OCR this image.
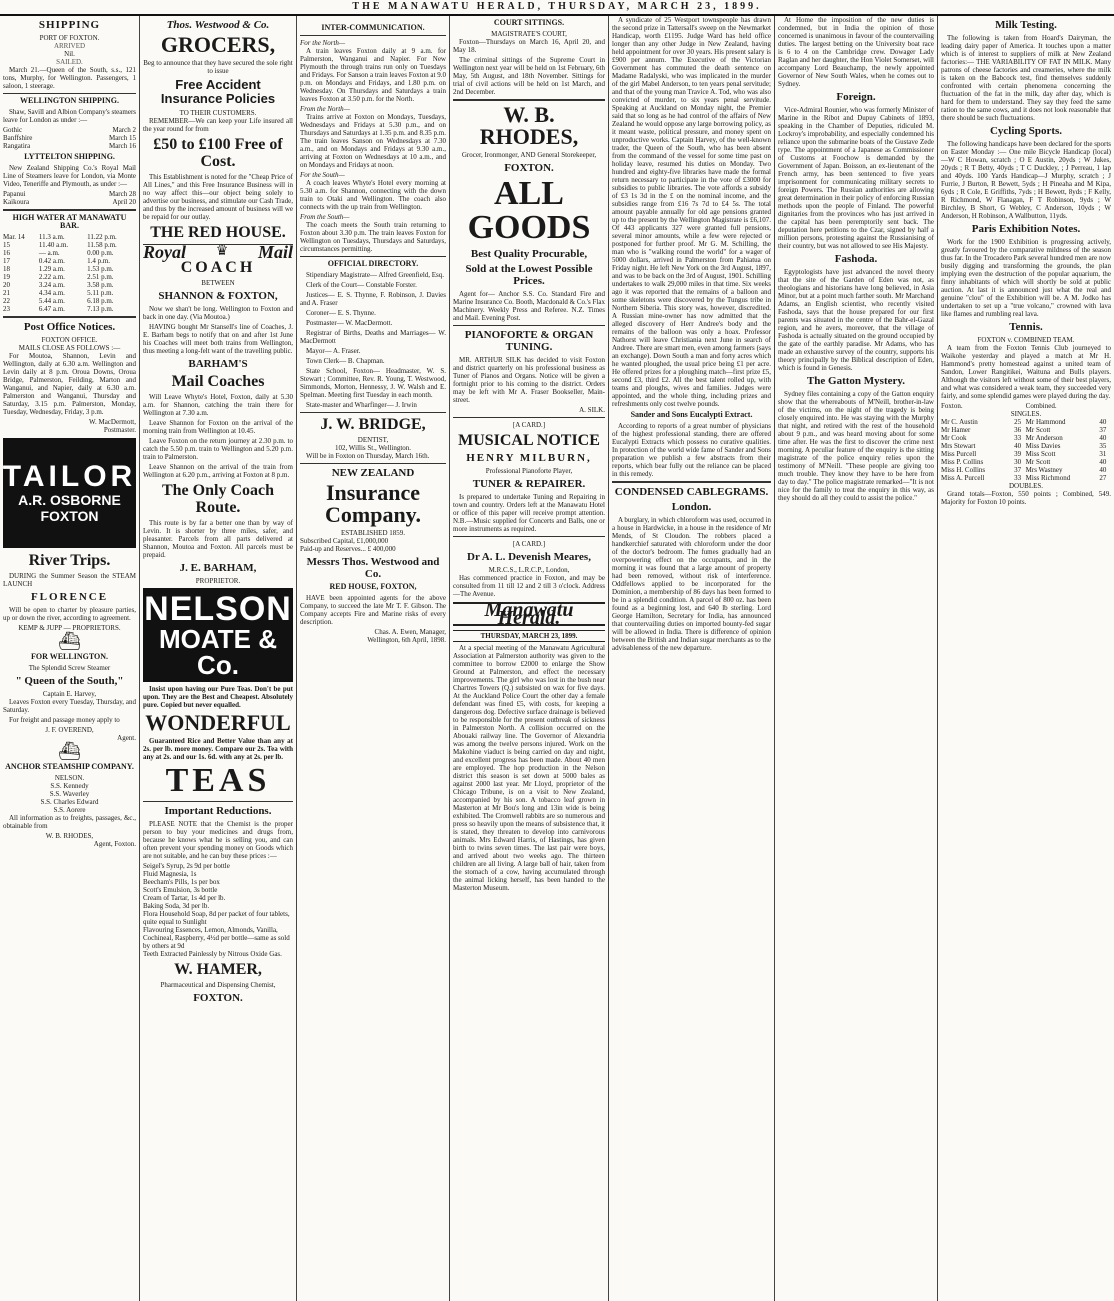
THE MANAWATU HERALD, THURSDAY, MARCH 23, 1899.
SHIPPING
PORT OF FOXTON.
ARRIVED
Nil.
SAILED.
March 21.—Queen of the South, s.s., 121 tons, Murphy, for Wellington. Passengers, 1 saloon, 1 steerage.
WELLINGTON SHIPPING.
Shaw, Savill and Albion Company's steamers leave for London as under :—
Gothic	March 2
Banffshire	March 15
Rangatira	March 16
LYTTELTON SHIPPING.
New Zealand Shipping Co.'s Royal Mail Line of Steamers leave for London, via Monte Video, Teneriffe and Plymouth, as under :—
Papanui	March 28
Kaikoura	April 20
HIGH WATER AT MANAWATU BAR.
Mar. 14	11.3 a.m.	11.22 p.m.
15	11.40 a.m.	11.58 p.m.
16	— a.m.	0.00 p.m.
17	0.42 a.m.	1.4 p.m.
18	1.29 a.m.	1.53 p.m.
19	2.22 a.m.	2.51 p.m.
20	3.24 a.m.	3.58 p.m.
21	4.34 a.m.	5.11 p.m.
22	5.44 a.m.	6.18 p.m.
23	6.47 a.m.	7.13 p.m.
Post Office Notices.
FOXTON OFFICE.
MAILS CLOSE AS FOLLOWS :—
For Moutoa, Shannon, Levin and Wellington, daily at 6.30 a.m. Wellington and Levin daily at 8 p.m. Oroua Downs, Oroua Bridge, Palmerston, Feilding, Marton and Wanganui, and Napier, daily at 6.30 a.m. Palmerston and Wanganui, Thursday and Saturday, 3.15 p.m. Palmerston, Monday, Tuesday, Wednesday, Friday, 3 p.m.
W. MacDermott,
Postmaster.
TAILOR
A.R. OSBORNE
FOXTON
River Trips.
DURING the Summer Season the STEAM LAUNCH
FLORENCE
Will be open to charter by pleasure parties, up or down the river, according to agreement.
KEMP & JUPP — PROPRIETORS.
⛴
FOR WELLINGTON.
The Splendid Screw Steamer
" Queen of the South,"
Captain E. Harvey,
Leaves Foxton every Tuesday, Thursday, and Saturday.
For freight and passage money apply to
J. F. OVEREND,
Agent.
⛴
ANCHOR STEAMSHIP COMPANY.
NELSON.
S.S. Kennedy
S.S. Waverley
S.S. Charles Edward
S.S. Aorere
All information as to freights, passages, &c., obtainable from
W. B. RHODES,
Agent, Foxton.
Thos. Westwood & Co.
GROCERS,
Beg to announce that they have secured the sole right to issue
Free Accident Insurance Policies
TO THEIR CUSTOMERS.
REMEMBER—We can keep your Life insured all the year round for from
£50 to £100 Free of Cost.
This Establishment is noted for the "Cheap Price of All Lines," and this Free Insurance Business will in no way affect this—our object being solely to advertise our business, and stimulate our Cash Trade, and thus by the increased amount of business will we be repaid for our outlay.
THE RED HOUSE.
Royal ♛ Mail
COACH
BETWEEN
SHANNON & FOXTON,
Now we shan't be long. Wellington to Foxton and back in one day. (Via Moutoa.)
HAVING bought Mr Stansell's line of Coaches, J. E. Barham begs to notify that on and after 1st June his Coaches will meet both trains from Wellington, thus meeting a long-felt want of the travelling public.
BARHAM'S
Mail Coaches
Will Leave Whyte's Hotel, Foxton, daily at 5.30 a.m. for Shannon, catching the train there for Wellington at 7.30 a.m.
Leave Shannon for Foxton on the arrival of the morning train from Wellington at 10.45.
Leave Foxton on the return journey at 2.30 p.m. to catch the 5.50 p.m. train to Wellington and 5.20 p.m. train to Palmerston.
Leave Shannon on the arrival of the train from Wellington at 6.20 p.m., arriving at Foxton at 8 p.m.
The Only Coach Route.
This route is by far a better one than by way of Levin. It is shorter by three miles, safer, and pleasanter. Parcels from all parts delivered at Shannon, Moutoa and Foxton. All parcels must be prepaid.
J. E. BARHAM,
PROPRIETOR.
NELSON
MOATE & Co.
Insist upon having our Pure Teas. Don't be put upon. They are the Best and Cheapest. Absolutely pure. Copied but never equalled.
WONDERFUL
Guaranteed Rice and Better Value than any at 2s. per lb. more money. Compare our 2s. Tea with any at 2s. and our 1s. 6d. with any at 2s. per lb.
TEAS
Important Reductions.
PLEASE NOTE that the Chemist is the proper person to buy your medicines and drugs from, because he knows what he is selling you, and can often prevent your spending money on Goods which are not suitable, and he can buy these prices :—
Seigel's Syrup, 2s 9d per bottle
Fluid Magnesia, 1s
Beecham's Pills, 1s per box
Scott's Emulsion, 3s bottle
Cream of Tartar, 1s 4d per lb.
Baking Soda, 3d per lb.
Flora Household Soap, 8d per packet of four tablets, quite equal to Sunlight
Flavouring Essences, Lemon, Almonds, Vanilla, Cochineal, Raspberry, 4½d per bottle—same as sold by others at 9d
Teeth Extracted Painlessly by Nitrous Oxide Gas.
W. HAMER,
Pharmaceutical and Dispensing Chemist,
FOXTON.
INTER-COMMUNICATION.
For the North—
A train leaves Foxton daily at 9 a.m. for Palmerston, Wanganui and Napier. For New Plymouth the through trains run only on Tuesdays and Fridays. For Sanson a train leaves Foxton at 9.0 p.m. on Mondays and Fridays, and 1.80 p.m. on Wednesday. On Thursdays and Saturdays a train leaves Foxton at 3.50 p.m. for the North.
From the North—
Trains arrive at Foxton on Mondays, Tuesdays, Wednesdays and Fridays at 5.30 p.m., and on Thursdays and Saturdays at 1.35 p.m. and 8.35 p.m. The train leaves Sanson on Wednesdays at 7.30 a.m., and on Mondays and Fridays at 9.30 a.m., arriving at Foxton on Wednesdays at 10 a.m., and on Mondays and Fridays at noon.
For the South—
A coach leaves Whyte's Hotel every morning at 5.30 a.m. for Shannon, connecting with the down train to Otaki and Wellington. The coach also connects with the up train from Wellington.
From the South—
The coach meets the South train returning to Foxton about 3.30 p.m. The train leaves Foxton for Wellington on Tuesdays, Thursdays and Saturdays, circumstances permitting.
OFFICIAL DIRECTORY.
Stipendiary Magistrate— Alfred Greenfield, Esq.
Clerk of the Court— Constable Forster.
Justices— E. S. Thynne, F. Robinson, J. Davies and A. Fraser
Coroner— E. S. Thynne.
Postmaster— W. MacDermott.
Registrar of Births, Deaths and Marriages— W. MacDermott
Mayor— A. Fraser.
Town Clerk— B. Chapman.
State School, Foxton— Headmaster, W. S. Stewart ; Committee, Rev. R. Young, T. Westwood, Simmonds, Morton, Hennessy, J. W. Walsh and E. Spelman. Meeting first Tuesday in each month.
State-master and Wharfinger— J. Irwin
J. W. BRIDGE,
DENTIST,
102, Willis St., Wellington.
Will be in Foxton on Thursday, March 16th.
NEW ZEALAND
Insurance Company.
ESTABLISHED 1859.
Subscribed Capital, £1,000,000
Paid-up and Reserves... £ 400,000
Messrs Thos. Westwood and Co.
RED HOUSE, FOXTON,
HAVE been appointed agents for the above Company, to succeed the late Mr T. F. Gibson. The Company accepts Fire and Marine risks of every description.
Chas. A. Ewen, Manager,
Wellington, 6th April, 1898.
COURT SITTINGS.
MAGISTRATE'S COURT,
Foxton—Thursdays on March 16, April 20, and May 18.
The criminal sittings of the Supreme Court in Wellington next year will be held on 1st February, 6th May, 5th August, and 18th November. Sittings for trial of civil actions will be held on 1st March, and 2nd December.
W. B. RHODES,
Grocer, Ironmonger, AND General Storekeeper,
FOXTON.
ALL GOODS
Best Quality Procurable,
Sold at the Lowest Possible Prices.
Agent for— Anchor S.S. Co. Standard Fire and Marine Insurance Co. Booth, Macdonald & Co.'s Flax Machinery. Weekly Press and Referee. N.Z. Times and Mail. Evening Post.
PIANOFORTE & ORGAN TUNING.
MR. ARTHUR SILK has decided to visit Foxton and district quarterly on his professional business as Tuner of Pianos and Organs. Notice will be given a fortnight prior to his coming to the district. Orders may be left with Mr A. Fraser Bookseller, Main-street.
A. SILK.
[A CARD.]
MUSICAL NOTICE
HENRY MILBURN,
Professional Pianoforte Player,
TUNER & REPAIRER.
Is prepared to undertake Tuning and Repairing in town and country. Orders left at the Manawatu Hotel or office of this paper will receive prompt attention. N.B.—Music supplied for Concerts and Balls, one or more instruments as required.
[A CARD.]
Dr A. L. Devenish Meares,
M.R.C.S., L.R.C.P., London,
Has commenced practice in Foxton, and may be consulted from 11 till 12 and 2 till 3 o'clock. Address—The Avenue.
Manawatu Herald.
THURSDAY, MARCH 23, 1899.
At a special meeting of the Manawatu Agricultural Association at Palmerston authority was given to the committee to borrow £2000 to enlarge the Show Ground at Palmerston, and effect the necessary improvements. The girl who was lost in the bush near Chartres Towers (Q.) subsisted on wax for five days. At the Auckland Police Court the other day a female defendant was fined £5, with costs, for keeping a dangerous dog. Defective surface drainage is believed to be responsible for the present outbreak of sickness in Palmerston North. A collision occurred on the Abouaki railway line. The Governor of Alexandria was among the twelve persons injured. Work on the Makohine viaduct is being carried on day and night, and excellent progress has been made. About 40 men are employed. The hop production in the Nelson district this season is set down at 5000 bales as against 2000 last year. Mr Lloyd, proprietor of the Chicago Tribune, is on a visit to New Zealand, accompanied by his son. A tobacco leaf grown in Masterton at Mr Bou's long and 13in wide is being exhibited. The Cromwell rabbits are so numerous and press so heavily upon the means of subsistence that, it is stated, they threaten to develop into carnivorous animals. Mrs Edward Harris, of Hastings, has given birth to twins seven times. The last pair were boys, and arrived about two weeks ago. The thirteen children are all living. A large ball of hair, taken from the stomach of a cow, having accumulated through the animal licking herself, has been handed to the Masterton Museum.
A syndicate of 25 Westport townspeople has drawn the second prize in Tattersall's sweep on the Newmarket Handicap, worth £1195. Judge Ward has held office longer than any other Judge in New Zealand, having held appointment for over 30 years. His present salary is £900 per annum. The Executive of the Victorian Government has commuted the death sentence on Madame Radalyski, who was implicated in the murder of the girl Mabel Anderson, to ten years penal servitude; and that of the young man Travice A. Tod, who was also convicted of murder, to six years penal servitude. Speaking at Auckland on Monday night, the Premier said that so long as he had control of the affairs of New Zealand he would oppose any large borrowing policy, as it meant waste, political pressure, and money spent on unproductive works. Captain Harvey, of the well-known trader, the Queen of the South, who has been absent from the command of the vessel for some time past on holiday leave, resumed his duties on Monday. Two hundred and eighty-five libraries have made the formal return necessary to participate in the vote of £3000 for subsidies to public libraries. The vote affords a subsidy of £3 1s 3d in the £ on the nominal income, and the subsidies range from £16 7s 7d to £4 5s. The total amount payable annually for old age pensions granted up to the present by the Wellington Magistrate is £6,107. Of 443 applicants 327 were granted full pensions, several minor amounts, while a few were rejected or postponed for further proof. Mr G. M. Schilling, the man who is "walking round the world" for a wager of 5000 dollars, arrived in Palmerston from Pahiatua on Friday night. He left New York on the 3rd August, 1897, and was to be back on the 3rd of August, 1901. Schilling undertakes to walk 29,000 miles in that time. Six weeks ago it was reported that the remains of a balloon and some skeletons were discovered by the Tungus tribe in Northern Siberia. This story was, however, discredited. A Russian mine-owner has now admitted that the alleged discovery of Herr Andree's body and the remains of the balloon was only a hoax. Professor Nathorst will leave Christiania next June in search of Andree. There are smart men, even among farmers (says an exchange). Down South a man and forty acres which he wanted ploughed, the usual price being £1 per acre. He offered prizes for a ploughing match—first prize £5, second £3, third £2. All the best talent rolled up, with teams and ploughs, wives and families. Judges were appointed, and the whole thing, including prizes and refreshments only cost twelve pounds.
Sander and Sons Eucalypti Extract.
According to reports of a great number of physicians of the highest professional standing, there are offered Eucalypti Extracts which possess no curative qualities. In protection of the world wide fame of Sander and Sons preparation we publish a few abstracts from their reports, which bear fully out the reliance can be placed in this remedy.
CONDENSED CABLEGRAMS.
London.
A burglary, in which chloroform was used, occurred in a house in Hardwicke, in a house in the residence of Mr Mends, of St Cloudon. The robbers placed a handkerchief saturated with chloroform under the door of the doctor's bedroom. The fumes gradually had an overpowering effect on the occupants, and in the morning it was found that a large amount of property had been removed, without risk of interference. Oddfellows applied to be incorporated for the Dominion, a membership of 86 days has been formed to be in a splendid condition. A parcel of 800 oz. has been found as a beginning lost, and 640 lb sterling. Lord George Hamilton, Secretary for India, has announced that countervailing duties on imported bounty-fed sugar will be allowed in India. There is difference of opinion between the British and Indian sugar merchants as to the advisableness of the new departure.
At Home the imposition of the new duties is condemned, but in India the opinion of those concerned is unanimous in favour of the countervailing duties. The largest betting on the University boat race is 6 to 4 on the Cambridge crew. Dowager Lady Raglan and her daughter, the Hon Violet Somerset, will accompany Lord Beauchamp, the newly appointed Governor of New South Wales, when he comes out to Sydney.
Foreign.
Vice-Admiral Rounier, who was formerly Minister of Marine in the Ribot and Dupuy Cabinets of 1893, speaking in the Chamber of Deputies, ridiculed M. Lockroy's improbability, and especially condemned his reliance upon the submarine boats of the Gustave Zede type. The appointment of a Japanese as Commissioner of Customs at Foochow is demanded by the Government of Japan. Boisson, an ex-lieutenant of the French army, has been sentenced to five years imprisonment for communicating military secrets to foreign Powers. The Russian authorities are allowing great determination in their policy of enforcing Russian methods upon the people of Finland. The powerful dignitaries from the provinces who has just arrived in the capital has been peremptorily sent back. The deputation here petitions to the Czar, signed by half a million persons, protesting against the Russianising of their country, but was not allowed to see His Majesty.
Fashoda.
Egyptologists have just advanced the novel theory that the site of the Garden of Eden was not, as theologians and historians have long believed, in Asia Minor, but at a point much farther south. Mr Marchand Adams, an English scientist, who recently visited Fashoda, says that the house prepared for our first parents was situated in the centre of the Bahr-el-Gazal region, and he avers, moreover, that the village of Fashoda is actually situated on the ground occupied by the gate of the earthly paradise. Mr Adams, who has made an exhaustive survey of the country, supports his theory principally by the Biblical description of Eden, which is found in Genesis.
The Gatton Mystery.
Sydney files containing a copy of the Gatton enquiry show that the whereabouts of M'Neill, brother-in-law of the victims, on the night of the tragedy is being closely enquired into. He was staying with the Murphy that night, and retired with the rest of the household about 9 p.m., and was heard moving about for some time after. He was the first to discover the crime next morning. A peculiar feature of the enquiry is the sitting magistrate of the police enquiry relies upon the testimony of M'Neill. "These people are giving too much trouble. They know they have to be here from day to day." The police magistrate remarked—"It is not nice for the family to treat the enquiry in this way, as they should do all they could to assist the police."
Milk Testing.
The following is taken from Hoard's Dairyman, the leading dairy paper of America. It touches upon a matter which is of interest to suppliers of milk at New Zealand factories:— THE VARIABILITY OF FAT IN MILK. Many patrons of cheese factories and creameries, where the milk is taken on the Babcock test, find themselves suddenly confronted with certain phenomena concerning the fluctuation of the fat in the milk, day after day, which is hard for them to understand. They say they feed the same ration to the same cows, and it does not look reasonable that there should be such fluctuations.
Cycling Sports.
The following handicaps have been declared for the sports on Easter Monday :— One mile Bicycle Handicap (local) —W C Howan, scratch ; O E Austin, 20yds ; W Jukes, 20yds ; R T Betty, 40yds ; T C Duckley, ; J Perreau, 1 lap and 40yds. 100 Yards Handicap—J Murphy, scratch ; J Furrie, J Burton, R Bewett, 5yds ; H Pineaha and M Kipa, 6yds ; R Cole, E Griffiths, 7yds ; H Bewett, 8yds ; F Kelly, R Richmond, W Flanagan, F T Robinson, 9yds ; W Birchley, B Short, G Webley, C Anderson, 10yds ; W Anderson, H Robinson, A Wallbutton, 11yds.
Paris Exhibition Notes.
Work for the 1900 Exhibition is progressing actively, greatly favoured by the comparative mildness of the season thus far. In the Trocadero Park several hundred men are now busily digging and transforming the grounds, the plan implying even the destruction of the popular aquarium, the finny inhabitants of which will shortly be sold at public auction. At last it is announced just what the real and genuine "clou" of the Exhibition will be. A M. Jodko has undertaken to set up a "true volcano," crowned with lava like flames and rumbling real lava.
Tennis.
FOXTON v. COMBINED TEAM.
A team from the Foxton Tennis Club journeyed to Waikohe yesterday and played a match at Mr H. Hammond's pretty homestead against a united team of Sandon, Lower Rangitikei, Waituna and Bulls players. Although the visitors left without some of their best players, and what was considered a weak team, they succeeded very fairly, and some splendid games were played during the day.
Foxton.		Combined.	
SINGLES.			
Mr C. Austin	25	Mr Hammond	40
Mr Hamer	36	Mr Scott	37
Mr Cook	33	Mr Anderson	40
Mrs Stewart	40	Miss Davies	35
Miss Purcell	39	Miss Scott	31
Miss P. Collins	30	Mr Scott	40
Miss H. Collins	37	Mrs Wastney	40
Miss A. Purcell	33	Miss Richmond	27
DOUBLES.			
Grand totals—Foxton, 550 points ; Combined, 549. Majority for Foxton 10 points.
